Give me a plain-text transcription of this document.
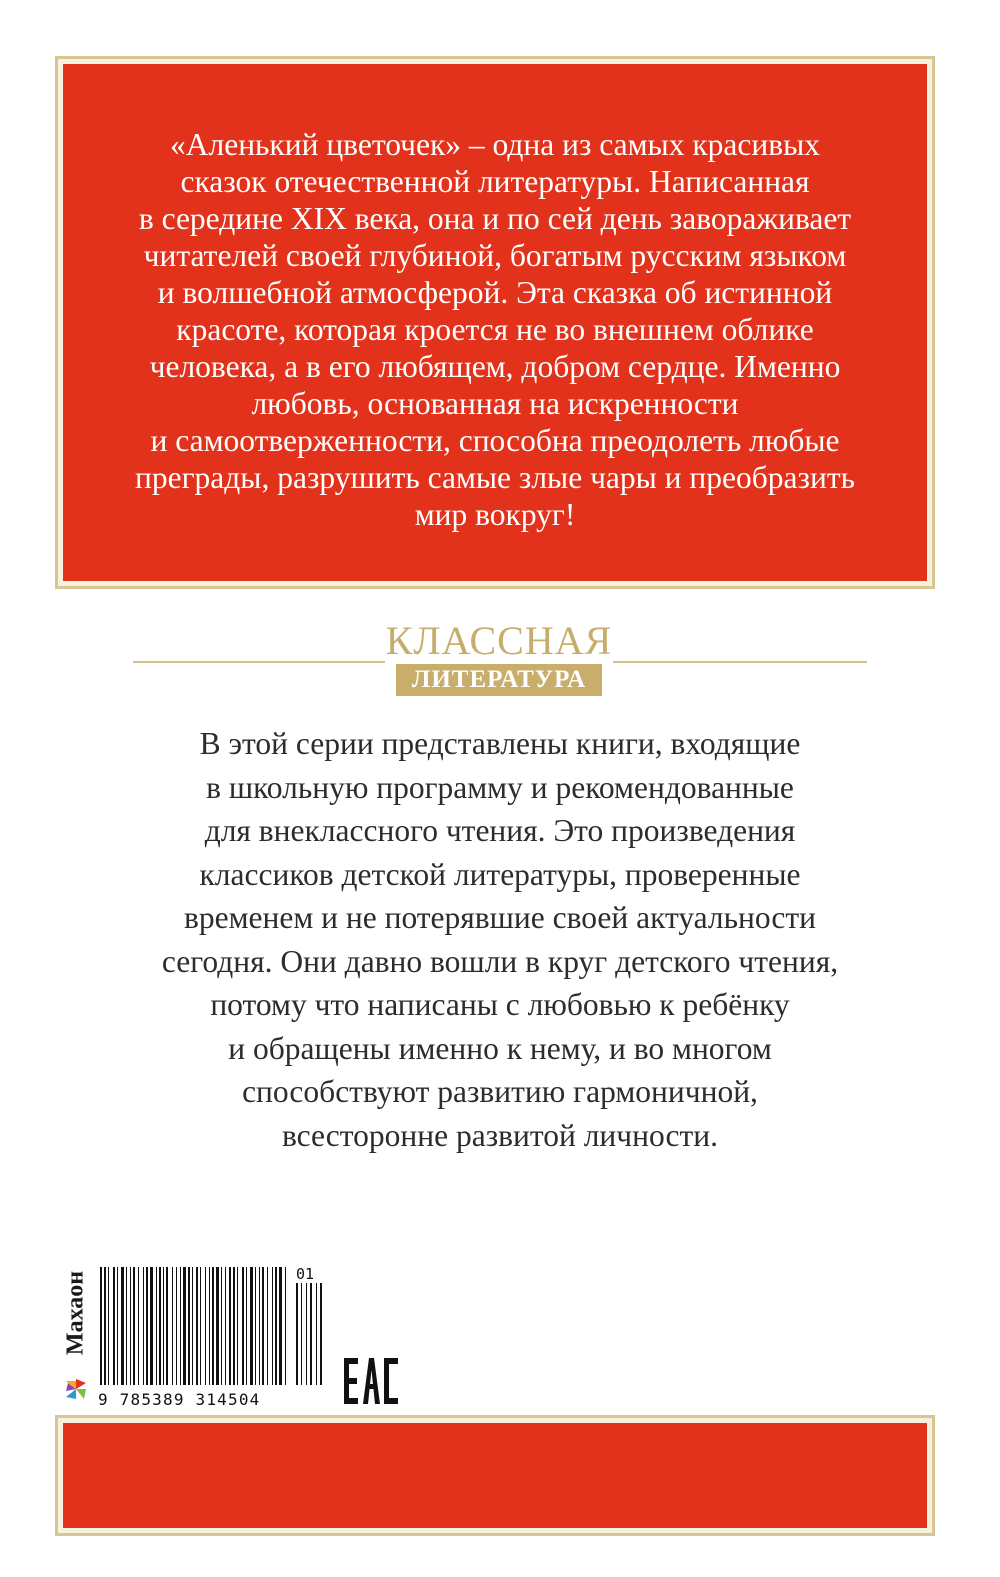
«Аленький цветочек» – одна из самых красивых
сказок отечественной литературы. Написанная
в середине XIX века, она и по сей день завораживает
читателей своей глубиной, богатым русским языком
и волшебной атмосферой. Эта сказка об истинной
красоте, которая кроется не во внешнем облике
человека, а в его любящем, добром сердце. Именно
любовь, основанная на искренности
и самоотверженности, способна преодолеть любые
преграды, разрушить самые злые чары и преобразить
мир вокруг!

КЛАССНАЯ
ЛИТЕРАТУРА

В этой серии представлены книги, входящие
в школьную программу и рекомендованные
для внеклассного чтения. Это произведения
классиков детской литературы, проверенные
временем и не потерявшие своей актуальности
сегодня. Они давно вошли в круг детского чтения,
потому что написаны с любовью к ребёнку
и обращены именно к нему, и во многом
способствуют развитию гармоничной,
всесторонне развитой личности.

Махаон	01
9 785389 314504
